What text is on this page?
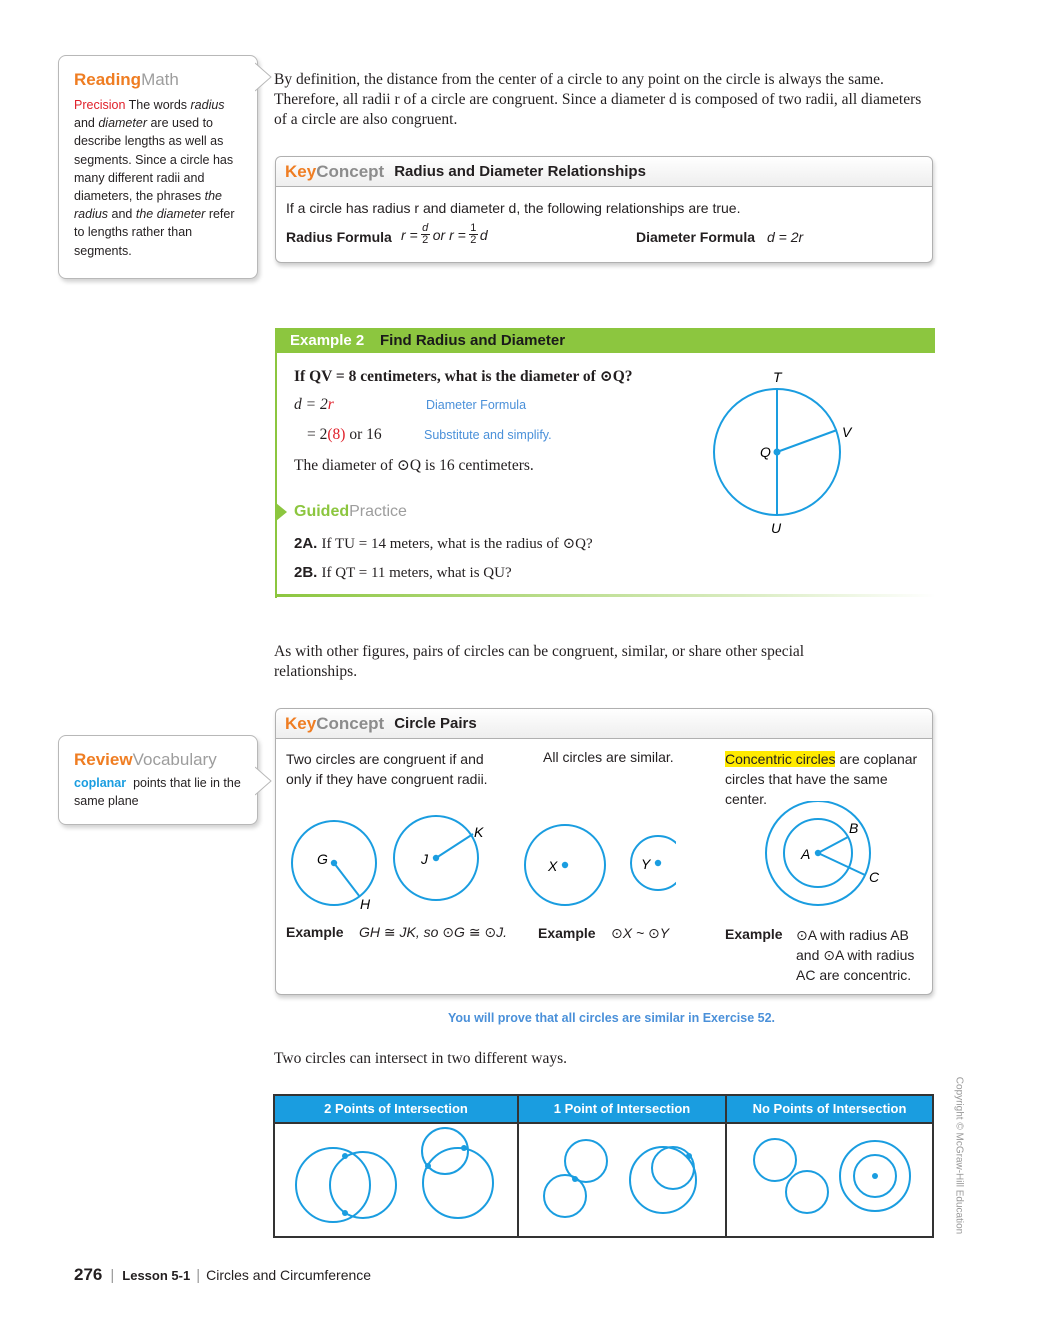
ReadingMath
Precision The words radius and diameter are used to describe lengths as well as segments. Since a circle has many different radii and diameters, the phrases the radius and the diameter refer to lengths rather than segments.
By definition, the distance from the center of a circle to any point on the circle is always the same. Therefore, all radii r of a circle are congruent. Since a diameter d is composed of two radii, all diameters of a circle are also congruent.
Key Concept Radius and Diameter Relationships
If a circle has radius r and diameter d, the following relationships are true.
Radius Formula $r = \frac{d}{2}$ or $r = \frac{1}{2}$ d	Diameter Formula d = 2r
Example 2 Find Radius and Diameter
If QV = 8 centimeters, what is the diameter of ⊙Q?
d = 2r	Diameter Formula
= 2(8) or 16	Substitute and simplify.
The diameter of ⊙Q is 16 centimeters.
T
V
Q
U
GuidedPractice
2A. If TU = 14 meters, what is the radius of ⊙Q?
2B. If QT = 11 meters, what is QU?
As with other figures, pairs of circles can be congruent, similar, or share other special relationships.
ReviewVocabulary
coplanar points that lie in the same plane
Key Concept Circle Pairs
Two circles are congruent if and only if they have congruent radii.
All circles are similar.	Concentric circles are coplanar circles that have the same center.
G
H
J
K
X	Y
A
B
C
Example GH ≅ JK, so ⊙G ≅ ⊙J. Example ⊙X ~ ⊙Y	Example ⊙A with radius AB
and ⊙A with radius
AC are concentric.
You will prove that all circles are similar in Exercise 52.
Two circles can intersect in two different ways.
2 Points of Intersection	1 Point of Intersection	No Points of Intersection	Copyright © McGraw-Hill Education
276 | Lesson 5-1 | Circles and Circumference
